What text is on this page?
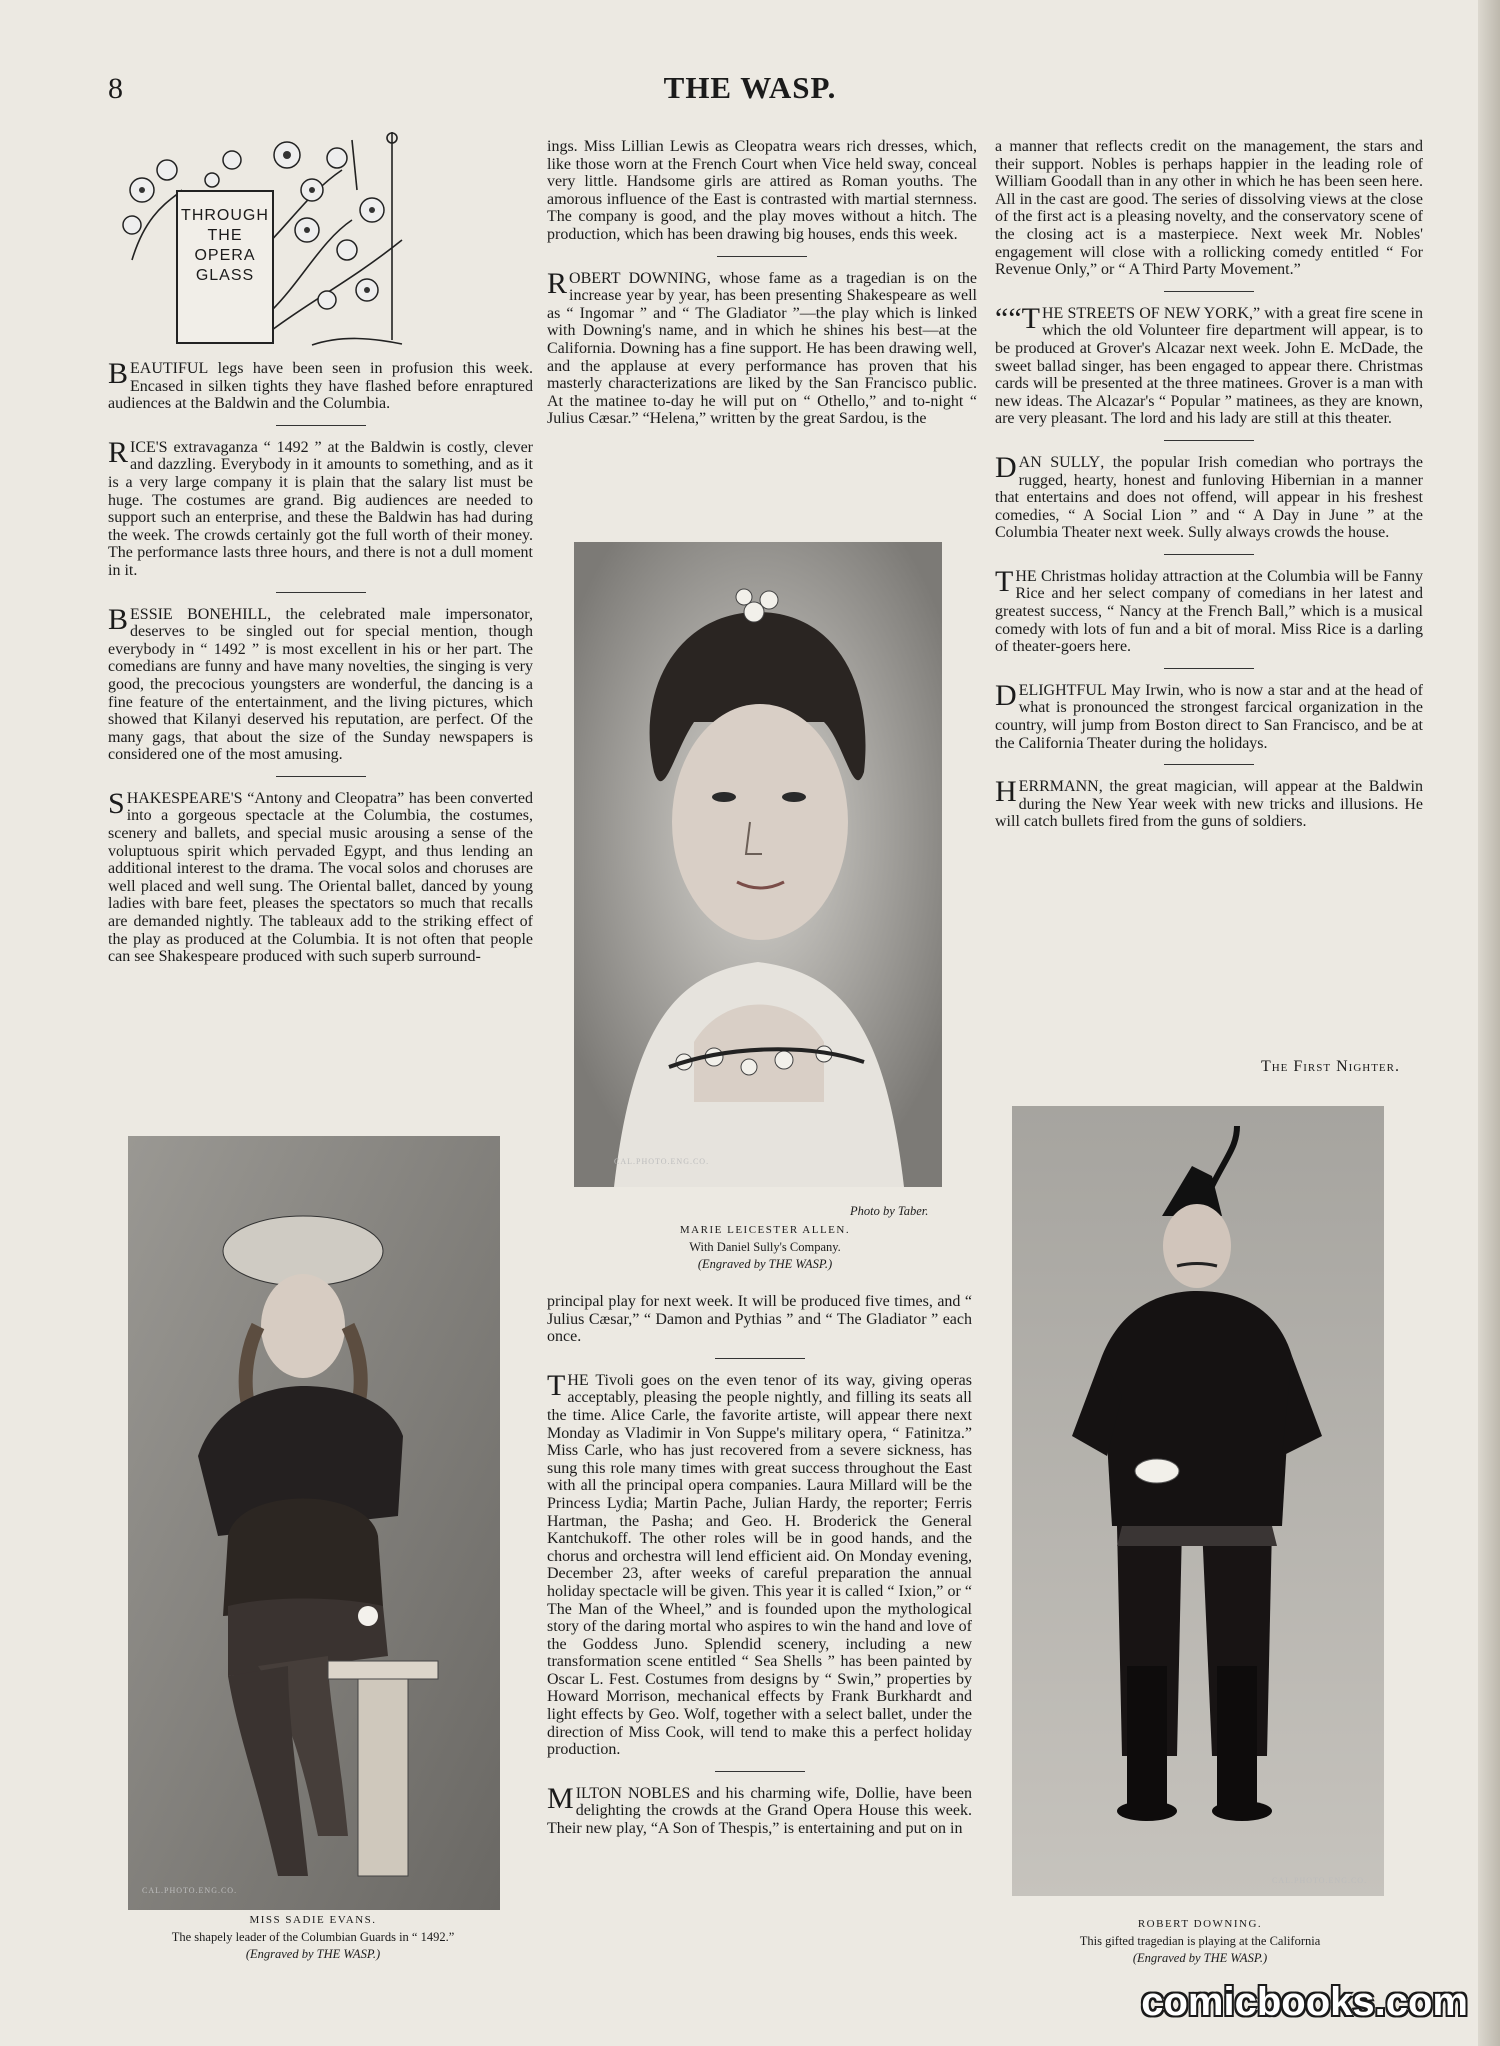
8	THE WASP.
THROUGH
THE
OPERA
GLASS

BEAUTIFUL legs have been seen in profusion this week. Encased in silken tights they have flashed before enraptured audiences at the Baldwin and the Columbia.

RICE'S extravaganza “ 1492 ” at the Baldwin is costly, clever and dazzling. Everybody in it amounts to something, and as it is a very large company it is plain that the salary list must be huge. The costumes are grand. Big audiences are needed to support such an enterprise, and these the Baldwin has had during the week. The crowds certainly got the full worth of their money. The performance lasts three hours, and there is not a dull moment in it.

BESSIE BONEHILL, the celebrated male impersonator, deserves to be singled out for special mention, though everybody in “ 1492 ” is most excellent in his or her part. The comedians are funny and have many novelties, the singing is very good, the precocious youngsters are wonderful, the dancing is a fine feature of the entertainment, and the living pictures, which showed that Kilanyi deserved his reputation, are perfect. Of the many gags, that about the size of the Sunday newspapers is considered one of the most amusing.

SHAKESPEARE'S “Antony and Cleopatra” has been converted into a gorgeous spectacle at the Columbia, the costumes, scenery and ballets, and special music arousing a sense of the voluptuous spirit which pervaded Egypt, and thus lending an additional interest to the drama. The vocal solos and choruses are well placed and well sung. The Oriental ballet, danced by young ladies with bare feet, pleases the spectators so much that recalls are demanded nightly. The tableaux add to the striking effect of the play as produced at the Columbia. It is not often that people can see Shakespeare produced with such superb surround-

ings. Miss Lillian Lewis as Cleopatra wears rich dresses, which, like those worn at the French Court when Vice held sway, conceal very little. Handsome girls are attired as Roman youths. The amorous influence of the East is contrasted with martial sternness. The company is good, and the play moves without a hitch. The production, which has been drawing big houses, ends this week.

ROBERT DOWNING, whose fame as a tragedian is on the increase year by year, has been presenting Shakespeare as well as “ Ingomar ” and “ The Gladiator ”—the play which is linked with Downing's name, and in which he shines his best—at the California. Downing has a fine support. He has been drawing well, and the applause at every performance has proven that his masterly characterizations are liked by the San Francisco public. At the matinee to-day he will put on “ Othello,” and to-night “ Julius Cæsar.” “Helena,” written by the great Sardou, is the

principal play for next week. It will be produced five times, and “ Julius Cæsar,” “ Damon and Pythias ” and “ The Gladiator ” each once.

THE Tivoli goes on the even tenor of its way, giving operas acceptably, pleasing the people nightly, and filling its seats all the time. Alice Carle, the favorite artiste, will appear there next Monday as Vladimir in Von Suppe's military opera, “ Fatinitza.” Miss Carle, who has just recovered from a severe sickness, has sung this role many times with great success throughout the East with all the principal opera companies. Laura Millard will be the Princess Lydia; Martin Pache, Julian Hardy, the reporter; Ferris Hartman, the Pasha; and Geo. H. Broderick the General Kantchukoff. The other roles will be in good hands, and the chorus and orchestra will lend efficient aid. On Monday evening, December 23, after weeks of careful preparation the annual holiday spectacle will be given. This year it is called “ Ixion,” or “ The Man of the Wheel,” and is founded upon the mythological story of the daring mortal who aspires to win the hand and love of the Goddess Juno. Splendid scenery, including a new transformation scene entitled “ Sea Shells ” has been painted by Oscar L. Fest. Costumes from designs by “ Swin,” properties by Howard Morrison, mechanical effects by Frank Burkhardt and light effects by Geo. Wolf, together with a select ballet, under the direction of Miss Cook, will tend to make this a perfect holiday production.

MILTON NOBLES and his charming wife, Dollie, have been delighting the crowds at the Grand Opera House this week. Their new play, “A Son of Thespis,” is entertaining and put on in

a manner that reflects credit on the management, the stars and their support. Nobles is perhaps happier in the leading role of William Goodall than in any other in which he has been seen here. All in the cast are good. The series of dissolving views at the close of the first act is a pleasing novelty, and the conservatory scene of the closing act is a masterpiece. Next week Mr. Nobles' engagement will close with a rollicking comedy entitled “ For Revenue Only,” or “ A Third Party Movement.”

““T HE STREETS OF NEW YORK,” with a great fire scene in which the old Volunteer fire department will appear, is to be produced at Grover's Alcazar next week. John E. McDade, the sweet ballad singer, has been engaged to appear there. Christmas cards will be presented at the three matinees. Grover is a man with new ideas. The Alcazar's “ Popular ” matinees, as they are known, are very pleasant. The lord and his lady are still at this theater.

DAN SULLY, the popular Irish comedian who portrays the rugged, hearty, honest and funloving Hibernian in a manner that entertains and does not offend, will appear in his freshest comedies, “ A Social Lion ” and “ A Day in June ” at the Columbia Theater next week. Sully always crowds the house.

THE Christmas holiday attraction at the Columbia will be Fanny Rice and her select company of comedians in her latest and greatest success, “ Nancy at the French Ball,” which is a musical comedy with lots of fun and a bit of moral. Miss Rice is a darling of theater-goers here.

DELIGHTFUL May Irwin, who is now a star and at the head of what is pronounced the strongest farcical organization in the country, will jump from Boston direct to San Francisco, and be at the California Theater during the holidays.

HERRMANN, the great magician, will appear at the Baldwin during the New Year week with new tricks and illusions. He will catch bullets fired from the guns of soldiers.

The First Nighter.
CAL.PHOTO.ENG.CO.
Photo by Taber.
MARIE LEICESTER ALLEN.
With Daniel Sully's Company.
(Engraved by THE WASP.)
CAL.PHOTO.ENG.CO.
MISS SADIE EVANS.
The shapely leader of the Columbian Guards in “ 1492.”
(Engraved by THE WASP.)
CAL.PHOTO.ENG.CO.
ROBERT DOWNING.
This gifted tragedian is playing at the California
(Engraved by THE WASP.)
comicbooks.com
